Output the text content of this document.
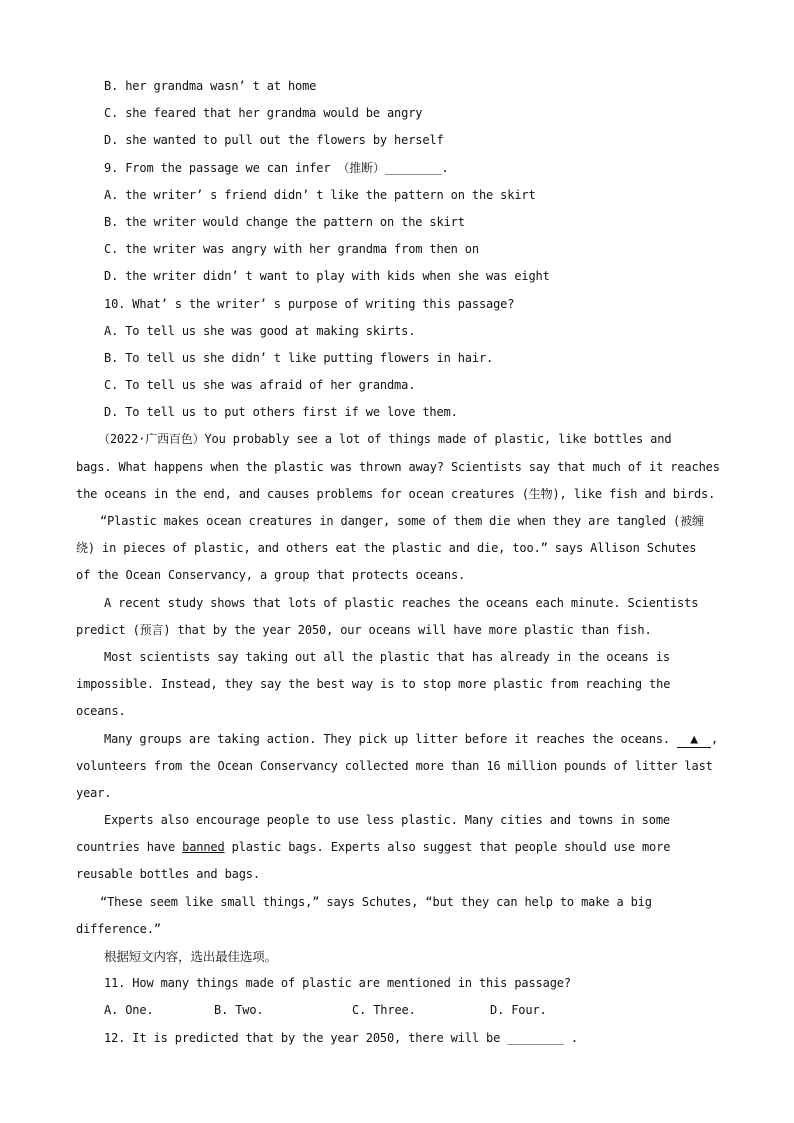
B. her grandma wasn’ t at home
C. she feared that her grandma would be angry
D. she wanted to pull out the flowers by herself
9. From the passage we can infer （推断）________.
A. the writer’ s friend didn’ t like the pattern on the skirt
B. the writer would change the pattern on the skirt
C. the writer was angry with her grandma from then on
D. the writer didn’ t want to play with kids when she was eight
10. What’ s the writer’ s purpose of writing this passage?
A. To tell us she was good at making skirts.
B. To tell us she didn’ t like putting flowers in hair.
C. To tell us she was afraid of her grandma.
D. To tell us to put others first if we love them.
（2022·广西百色）You probably see a lot of things made of plastic, like bottles and
bags. What happens when the plastic was thrown away? Scientists say that much of it reaches
the oceans in the end, and causes problems for ocean creatures (生物), like fish and birds.
“Plastic makes ocean creatures in danger, some of them die when they are tangled (被缠
绕) in pieces of plastic, and others eat the plastic and die, too.” says Allison Schutes
of the Ocean Conservancy, a group that protects oceans.
A recent study shows that lots of plastic reaches the oceans each minute. Scientists
predict (预言) that by the year 2050, our oceans will have more plastic than fish.
Most scientists say taking out all the plastic that has already in the oceans is
impossible. Instead, they say the best way is to stop more plastic from reaching the
oceans.
Many groups are taking action. They pick up litter before it reaches the oceans. ▲ ,
volunteers from the Ocean Conservancy collected more than 16 million pounds of litter last
year.
Experts also encourage people to use less plastic. Many cities and towns in some
countries have banned plastic bags. Experts also suggest that people should use more
reusable bottles and bags.
“These seem like small things,” says Schutes, “but they can help to make a big
difference.”
根据短文内容，选出最佳选项。
11. How many things made of plastic are mentioned in this passage?
A. One.	B. Two.	C. Three.	D. Four.
12. It is predicted that by the year 2050, there will be ________ .
